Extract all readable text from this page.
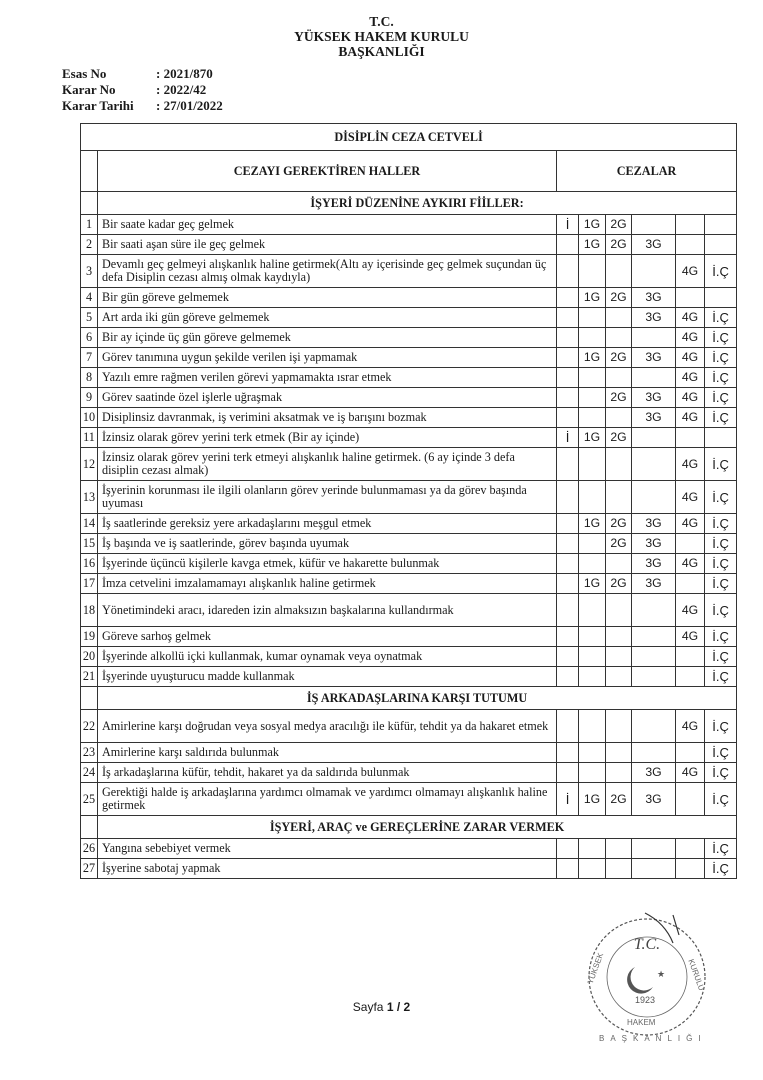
T.C.
YÜKSEK HAKEM KURULU
BAŞKANLIĞI
Esas No	: 2021/870
Karar No	: 2022/42
Karar Tarihi	: 27/01/2022
DİSİPLİN CEZA CETVELİ							
	CEZAYI GEREKTİREN HALLER	CEZALAR					
	İŞYERİ DÜZENİNE AYKIRI FİİLLER:						
1	Bir saate kadar geç gelmek	İ	1G	2G			
2	Bir saati aşan süre ile geç gelmek		1G	2G	3G		
3	Devamlı geç gelmeyi alışkanlık haline getirmek(Altı ay içerisinde geç gelmek suçundan üç defa Disiplin cezası almış olmak kaydıyla)					4G	İ.Ç
4	Bir gün göreve gelmemek		1G	2G	3G		
5	Art arda iki gün göreve gelmemek				3G	4G	İ.Ç
6	Bir ay içinde üç gün göreve gelmemek					4G	İ.Ç
7	Görev tanımına uygun şekilde verilen işi yapmamak		1G	2G	3G	4G	İ.Ç
8	Yazılı emre rağmen verilen görevi yapmamakta ısrar etmek					4G	İ.Ç
9	Görev saatinde özel işlerle uğraşmak			2G	3G	4G	İ.Ç
10	Disiplinsiz davranmak, iş verimini aksatmak ve iş barışını bozmak				3G	4G	İ.Ç
11	İzinsiz olarak görev yerini terk etmek (Bir ay içinde)	İ	1G	2G			
12	İzinsiz olarak görev yerini terk etmeyi alışkanlık haline getirmek. (6 ay içinde 3 defa disiplin cezası almak)					4G	İ.Ç
13	İşyerinin korunması ile ilgili olanların görev yerinde bulunmaması ya da görev başında uyuması					4G	İ.Ç
14	İş saatlerinde gereksiz yere arkadaşlarını meşgul etmek		1G	2G	3G	4G	İ.Ç
15	İş başında ve iş saatlerinde, görev başında uyumak			2G	3G		İ.Ç
16	İşyerinde üçüncü kişilerle kavga etmek, küfür ve hakarette bulunmak				3G	4G	İ.Ç
17	İmza cetvelini imzalamamayı alışkanlık haline getirmek		1G	2G	3G		İ.Ç
18	Yönetimindeki aracı, idareden izin almaksızın başkalarına kullandırmak					4G	İ.Ç
19	Göreve sarhoş gelmek					4G	İ.Ç
20	İşyerinde alkollü içki kullanmak, kumar oynamak veya oynatmak						İ.Ç
21	İşyerinde uyuşturucu madde kullanmak						İ.Ç
	İŞ ARKADAŞLARINA KARŞI TUTUMU						
22	Amirlerine karşı doğrudan veya sosyal medya aracılığı ile küfür, tehdit ya da hakaret etmek					4G	İ.Ç
23	Amirlerine karşı saldırıda bulunmak						İ.Ç
24	İş arkadaşlarına küfür, tehdit, hakaret ya da saldırıda bulunmak				3G	4G	İ.Ç
25	Gerektiği halde iş arkadaşlarına yardımcı olmamak ve yardımcı olmamayı alışkanlık haline getirmek	İ	1G	2G	3G		İ.Ç
	İŞYERİ, ARAÇ ve GEREÇLERİNE ZARAR VERMEK						
26	Yangına sebebiyet vermek						İ.Ç
27	İşyerine sabotaj yapmak						İ.Ç
T.C.
★
1923
YÜKSEK
HAKEM
KURULU
BAŞKANLIĞI
Sayfa 1 / 2
